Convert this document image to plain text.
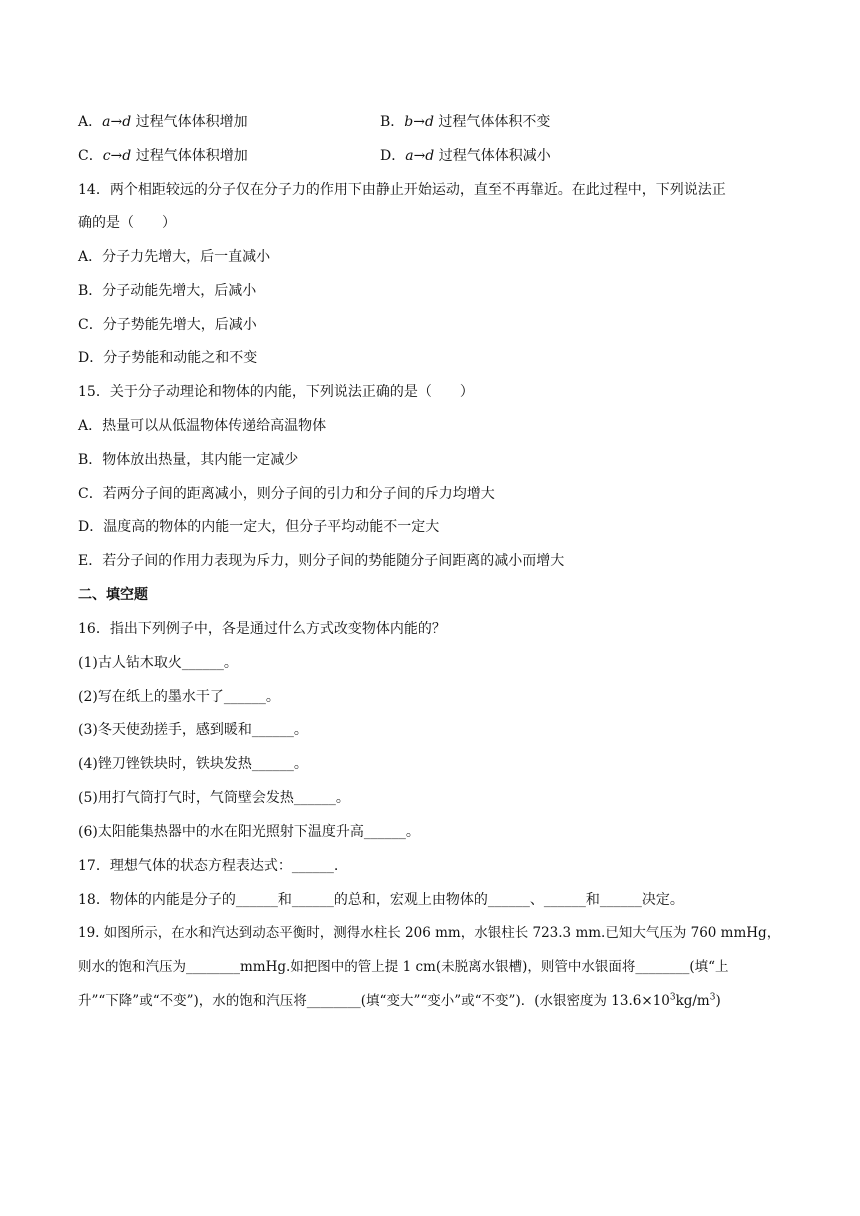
A．a→d 过程气体体积增加	B．b→d 过程气体体积不变
C．c→d 过程气体体积增加	D．a→d 过程气体体积减小
14．两个相距较远的分子仅在分子力的作用下由静止开始运动，直至不再靠近。在此过程中，下列说法正
确的是（　　）
A．分子力先增大，后一直减小
B．分子动能先增大，后减小
C．分子势能先增大，后减小
D．分子势能和动能之和不变
15．关于分子动理论和物体的内能，下列说法正确的是（　　）
A．热量可以从低温物体传递给高温物体
B．物体放出热量，其内能一定减少
C．若两分子间的距离减小，则分子间的引力和分子间的斥力均增大
D．温度高的物体的内能一定大，但分子平均动能不一定大
E．若分子间的作用力表现为斥力，则分子间的势能随分子间距离的减小而增大
二、填空题
16．指出下列例子中，各是通过什么方式改变物体内能的？
(1)古人钻木取火______。
(2)写在纸上的墨水干了______。
(3)冬天使劲搓手，感到暖和______。
(4)锉刀锉铁块时，铁块发热______。
(5)用打气筒打气时，气筒壁会发热______。
(6)太阳能集热器中的水在阳光照射下温度升高______。
17．理想气体的状态方程表达式：______.
18．物体的内能是分子的______和______的总和，宏观上由物体的______、______和______决定。
19. 如图所示，在水和汽达到动态平衡时，测得水柱长 206 mm，水银柱长 723.3 mm.已知大气压为 760 mmHg，
则水的饱和汽压为________mmHg.如把图中的管上提 1 cm(未脱离水银槽)，则管中水银面将________(填“上
升”“下降”或“不变”)，水的饱和汽压将________(填“变大”“变小”或“不变”)．(水银密度为 $13.6\times 10^3kg/m^3$)
